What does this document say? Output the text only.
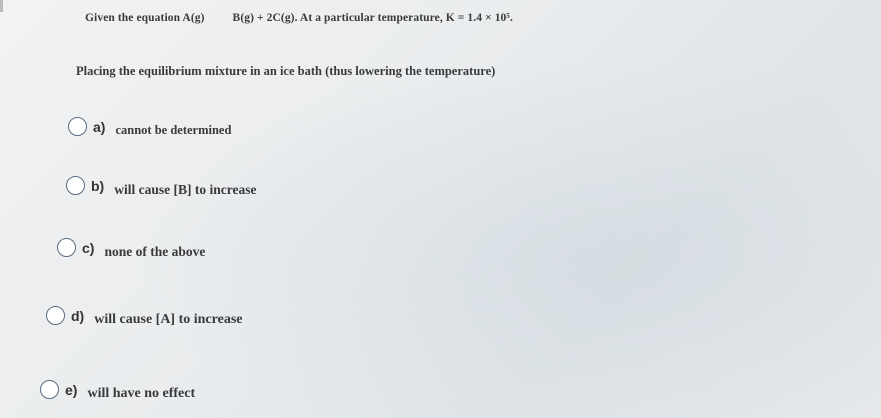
Given the equation A(g) B(g) + 2C(g). At a particular temperature, K = 1.4 × 10⁵.
Placing the equilibrium mixture in an ice bath (thus lowering the temperature)
a) cannot be determined
b) will cause [B] to increase
c) none of the above
d) will cause [A] to increase
e) will have no effect
